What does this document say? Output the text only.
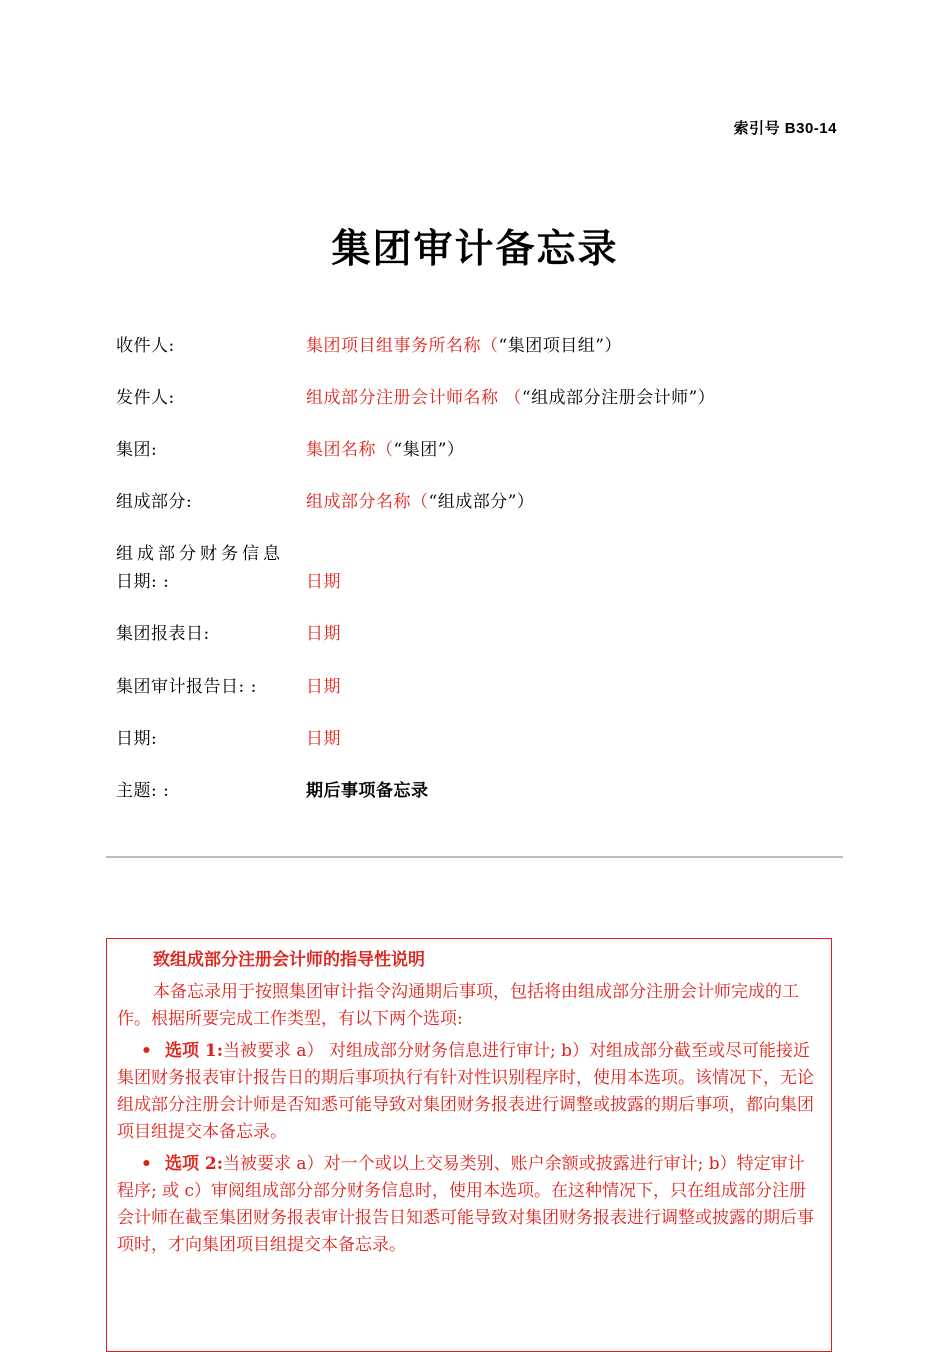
索引号 B30-14
集团审计备忘录
收件人:	集团项目组事务所名称（“集团项目组”）
发件人:	组成部分注册会计师名称 （“组成部分注册会计师”）
集团:	集团名称（“集团”）
组成部分:	组成部分名称（“组成部分”）
组成部分财务信息
日期: :	日期
集团报表日:	日期
集团审计报告日: :	日期
日期:	日期
主题: :	期后事项备忘录

致组成部分注册会计师的指导性说明

本备忘录用于按照集团审计指令沟通期后事项，包括将由组成部分注册会计师完成的工作。根据所要完成工作类型，有以下两个选项:

• 选项 1:当被要求 a） 对组成部分财务信息进行审计; b）对组成部分截至或尽可能接近集团财务报表审计报告日的期后事项执行有针对性识别程序时，使用本选项。该情况下，无论组成部分注册会计师是否知悉可能导致对集团财务报表进行调整或披露的期后事项，都向集团项目组提交本备忘录。

• 选项 2:当被要求 a）对一个或以上交易类别、账户余额或披露进行审计; b）特定审计程序; 或 c）审阅组成部分部分财务信息时，使用本选项。在这种情况下，只在组成部分注册会计师在截至集团财务报表审计报告日知悉可能导致对集团财务报表进行调整或披露的期后事项时，才向集团项目组提交本备忘录。
